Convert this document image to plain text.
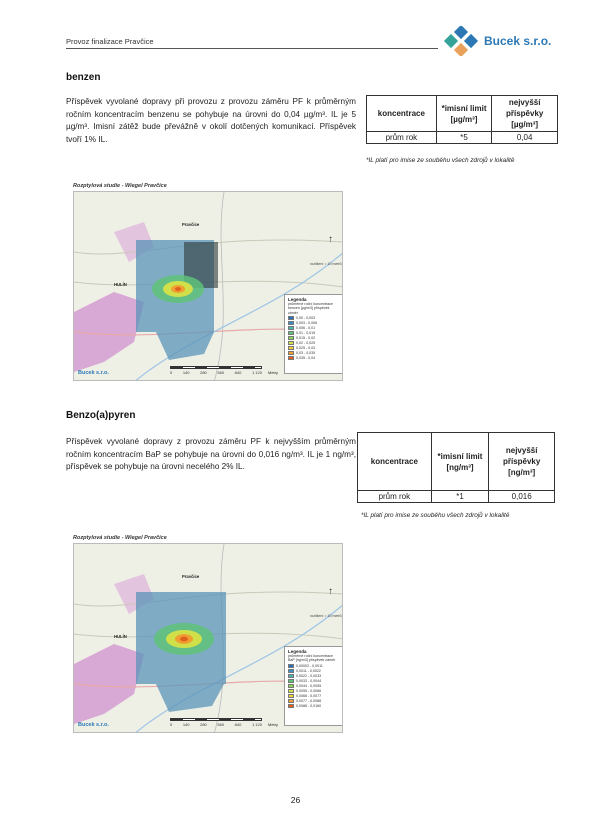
Provoz finalizace Pravčice	Bucek s.r.o.
benzen
Příspěvek vyvolané dopravy při provozu z provozu záměru PF k průměrným ročním koncentracím benzenu se pohybuje na úrovni do 0,04 µg/m³. IL je 5 µg/m³. Imisní zátěž bude převážně v okolí dotčených komunikací. Příspěvek tvoří 1% IL.
koncentrace	*imisní limit [µg/m³]	nejvyšší příspěvky [µg/m³]
prům rok	*5	0,04
*IL platí pro imise ze souběhu všech zdrojů v lokalitě
Rozptylová studie - Wiegel Pravčice
Pravčice
HULÍN
↑
rozlišení = 10 metrů
Legenda
průměrné roční koncentrace benzen [µg/m3] příspěvek záměr
0,00 - 0,003
0,003 - 0,006
0,006 - 0,01
0,01 - 0,015
0,015 - 0,02
0,02 - 0,025
0,025 - 0,03
0,03 - 0,035
0,035 - 0,04
Bucek s.r.o.	0	140	280	560	840	1 120 Metry
Benzo(a)pyren
Příspěvek vyvolané dopravy z provozu záměru PF k nejvyšším průměrným ročním koncentracím BaP se pohybuje na úrovni do 0,016 ng/m³. IL je 1 ng/m³, příspěvek se pohybuje na úrovni necelého 2% IL.
koncentrace	*imisní limit [ng/m³]	nejvyšší příspěvky [ng/m³]
prům rok	*1	0,016
*IL platí pro imise ze souběhu všech zdrojů v lokalitě
Rozptylová studie - Wiegel Pravčice
Pravčice
HULÍN
↑
rozlišení = 10 metrů
Legenda
průměrné roční koncentrace BaP [ng/m3] příspěvek záměr
0,00002 - 0,0011
0,0011 - 0,0022
0,0022 - 0,0033
0,0033 - 0,0044
0,0044 - 0,0055
0,0055 - 0,0066
0,0066 - 0,0077
0,0077 - 0,0088
0,0088 - 0,0160
Bucek s.r.o.	0	140	280	560	840	1 120 Metry
26
